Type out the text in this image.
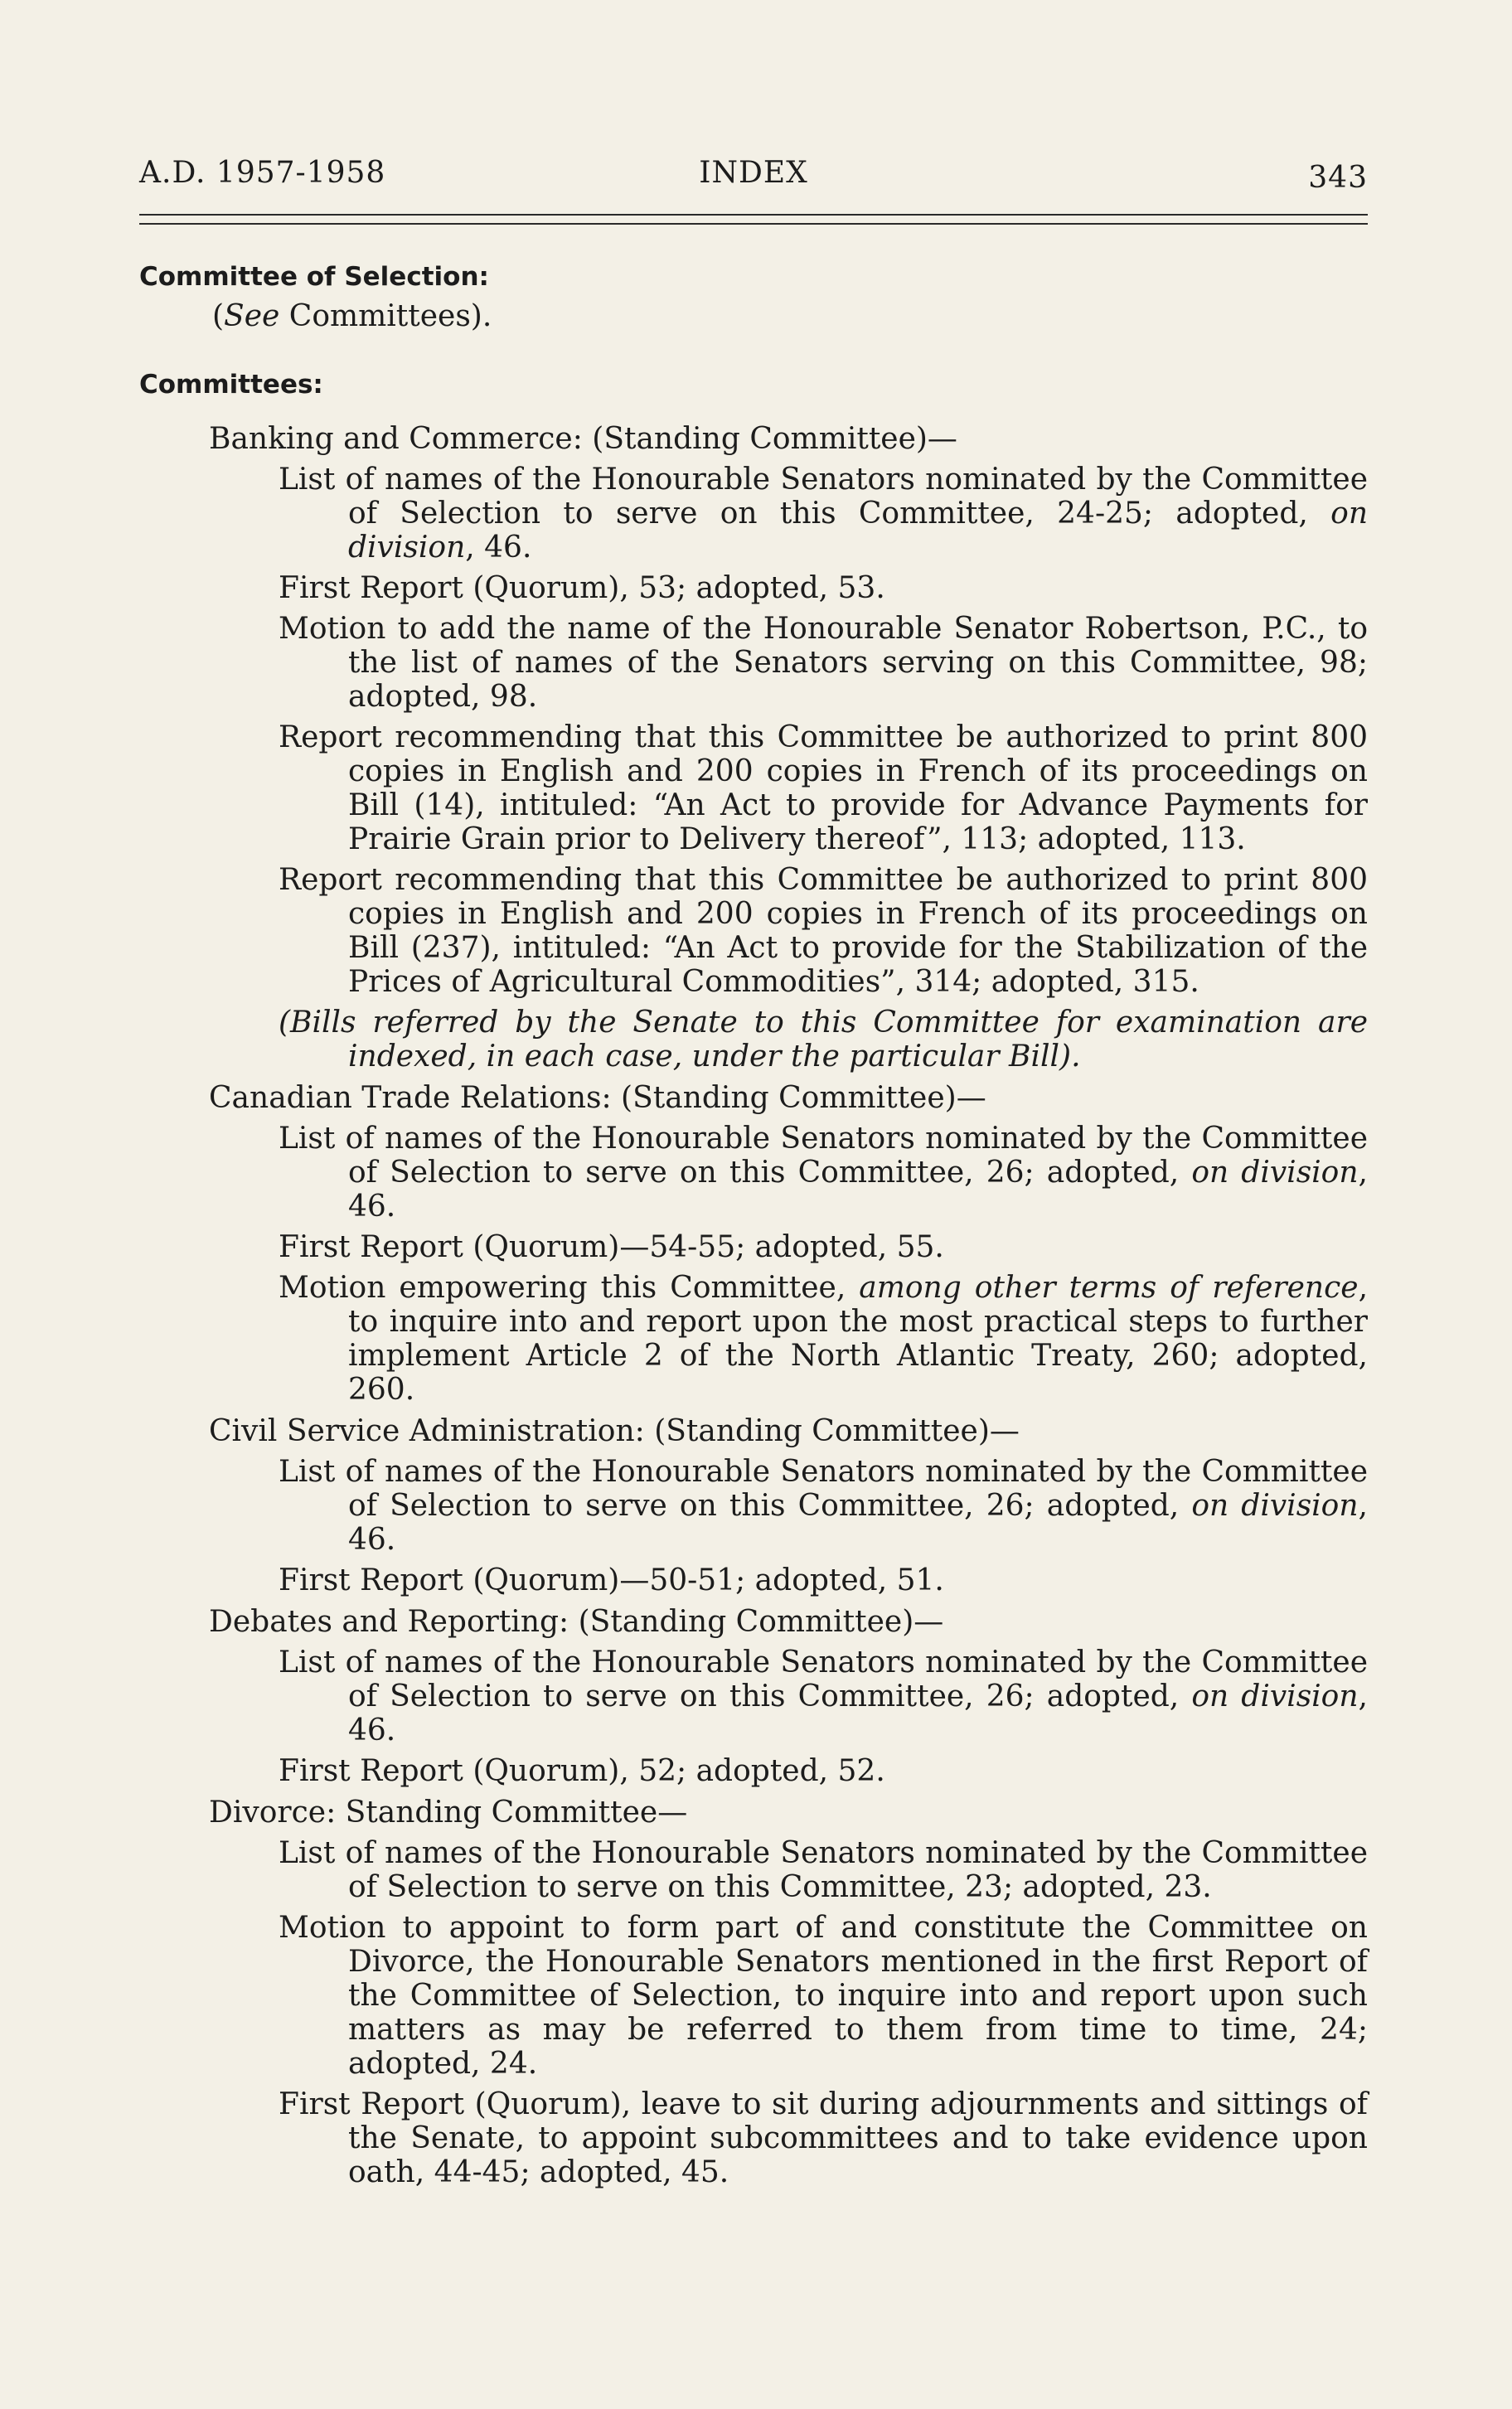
A.D. 1957-1958	INDEX	343
Committee of Selection:
(See Committees).
Committees:
Banking and Commerce: (Standing Committee)—
List of names of the Honourable Senators nominated by the Committee of Selection to serve on this Committee, 24-25; adopted, on division, 46.
First Report (Quorum), 53; adopted, 53.
Motion to add the name of the Honourable Senator Robertson, P.C., to the list of names of the Senators serving on this Committee, 98; adopted, 98.
Report recommending that this Committee be authorized to print 800 copies in English and 200 copies in French of its proceedings on Bill (14), intituled: “An Act to provide for Advance Payments for Prairie Grain prior to Delivery thereof”, 113; adopted, 113.
Report recommending that this Committee be authorized to print 800 copies in English and 200 copies in French of its proceedings on Bill (237), intituled: “An Act to provide for the Stabilization of the Prices of Agricultural Commodities”, 314; adopted, 315.
(Bills referred by the Senate to this Committee for examination are indexed, in each case, under the particular Bill).
Canadian Trade Relations: (Standing Committee)—
List of names of the Honourable Senators nominated by the Committee of Selection to serve on this Committee, 26; adopted, on division, 46.
First Report (Quorum)—54-55; adopted, 55.
Motion empowering this Committee, among other terms of reference, to inquire into and report upon the most practical steps to further implement Article 2 of the North Atlantic Treaty, 260; adopted, 260.
Civil Service Administration: (Standing Committee)—
List of names of the Honourable Senators nominated by the Committee of Selection to serve on this Committee, 26; adopted, on division, 46.
First Report (Quorum)—50-51; adopted, 51.
Debates and Reporting: (Standing Committee)—
List of names of the Honourable Senators nominated by the Committee of Selection to serve on this Committee, 26; adopted, on division, 46.
First Report (Quorum), 52; adopted, 52.
Divorce: Standing Committee—
List of names of the Honourable Senators nominated by the Committee of Selection to serve on this Committee, 23; adopted, 23.
Motion to appoint to form part of and constitute the Committee on Divorce, the Honourable Senators mentioned in the first Report of the Committee of Selection, to inquire into and report upon such matters as may be referred to them from time to time, 24; adopted, 24.
First Report (Quorum), leave to sit during adjournments and sittings of the Senate, to appoint subcommittees and to take evidence upon oath, 44-45; adopted, 45.
